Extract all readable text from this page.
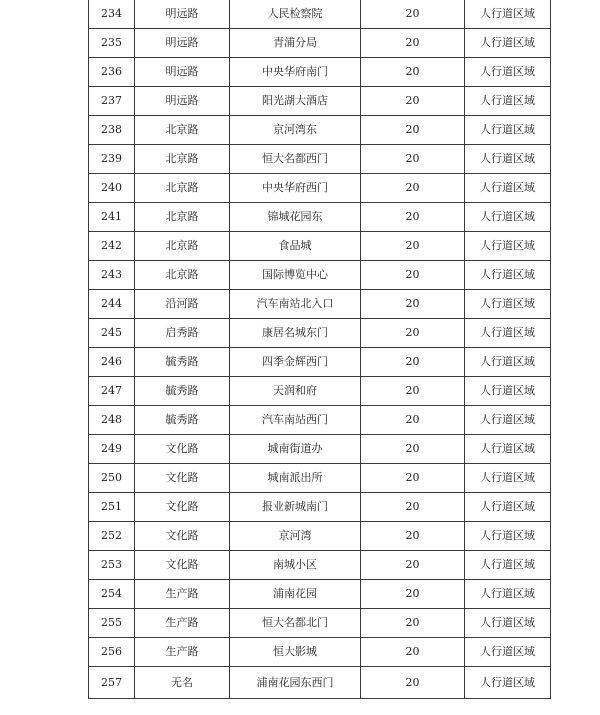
234	明远路	人民检察院	20	人行道区域
235	明远路	青浦分局	20	人行道区域
236	明远路	中央华府南门	20	人行道区域
237	明远路	阳光湖大酒店	20	人行道区域
238	北京路	京河湾东	20	人行道区域
239	北京路	恒大名都西门	20	人行道区域
240	北京路	中央华府西门	20	人行道区域
241	北京路	锦城花园东	20	人行道区域
242	北京路	食品城	20	人行道区域
243	北京路	国际博览中心	20	人行道区域
244	沿河路	汽车南站北入口	20	人行道区域
245	启秀路	康居名城东门	20	人行道区域
246	毓秀路	四季金辉西门	20	人行道区域
247	毓秀路	天润和府	20	人行道区域
248	毓秀路	汽车南站西门	20	人行道区域
249	文化路	城南街道办	20	人行道区域
250	文化路	城南派出所	20	人行道区域
251	文化路	报业新城南门	20	人行道区域
252	文化路	京河湾	20	人行道区域
253	文化路	南城小区	20	人行道区域
254	生产路	浦南花园	20	人行道区域
255	生产路	恒大名都北门	20	人行道区域
256	生产路	恒大影城	20	人行道区域
257	无名	浦南花园东西门	20	人行道区域
